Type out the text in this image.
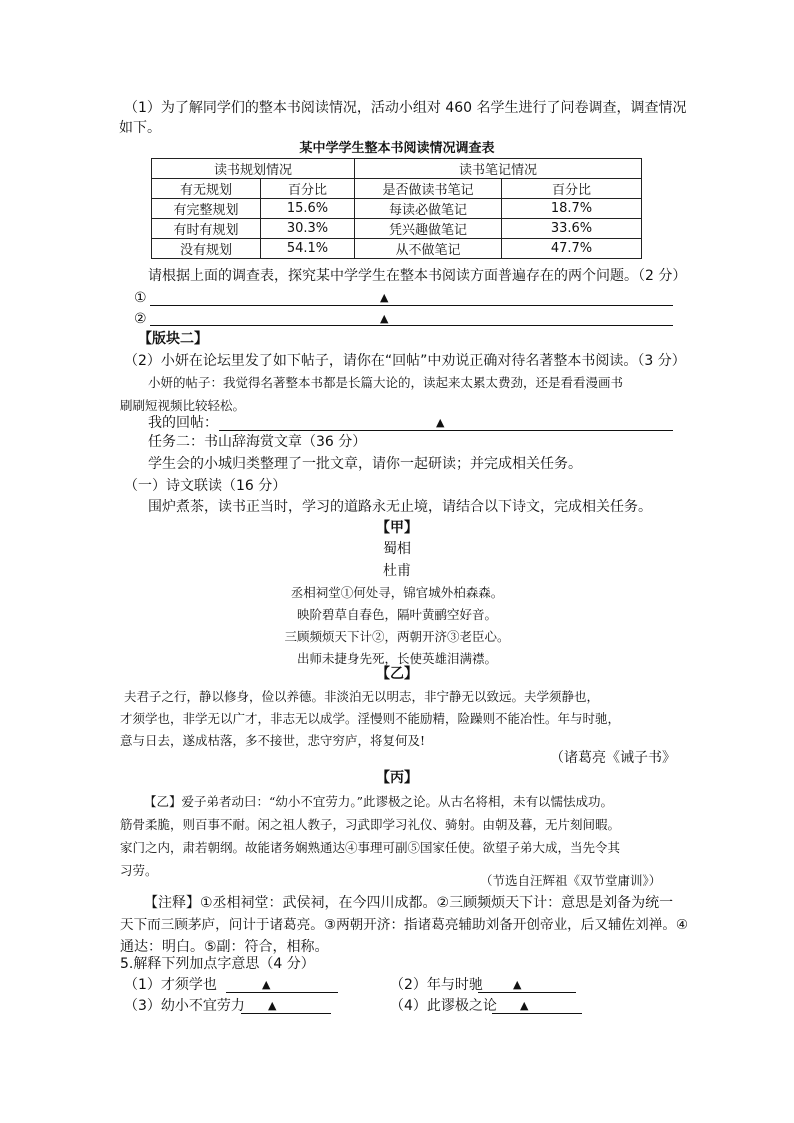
（1）为了解同学们的整本书阅读情况，活动小组对 460 名学生进行了问卷调查，调查情况
如下。
某中学学生整本书阅读情况调查表
读书规划情况		读书笔记情况	
有无规划	百分比	是否做读书笔记	百分比
有完整规划	15.6%	每读必做笔记	18.7%
有时有规划	30.3%	凭兴趣做笔记	33.6%
没有规划	54.1%	从不做笔记	47.7%
请根据上面的调查表，探究某中学学生在整本书阅读方面普遍存在的两个问题。（2 分）
①	▲
②	▲
【版块二】
（2）小妍在论坛里发了如下帖子，请你在“回帖”中劝说正确对待名著整本书阅读。（3 分）
小妍的帖子：我觉得名著整本书都是长篇大论的，读起来太累太费劲，还是看看漫画书
刷刷短视频比较轻松。
我的回帖：	▲
任务二：书山辞海赏文章（36 分）
学生会的小城归类整理了一批文章，请你一起研读；并完成相关任务。
（一）诗文联读（16 分）
围炉煮茶，读书正当时，学习的道路永无止境，请结合以下诗文，完成相关任务。
【甲】
蜀相
杜甫
丞相祠堂①何处寻，锦官城外柏森森。
映阶碧草自春色，隔叶黄鹂空好音。
三顾频烦天下计②，两朝开济③老臣心。
出师未捷身先死，长使英雄泪满襟。
【乙】
夫君子之行，静以修身，俭以养德。非淡泊无以明志，非宁静无以致远。夫学须静也，
才须学也，非学无以广才，非志无以成学。淫慢则不能励精，险躁则不能冶性。年与时驰，
意与日去，遂成枯落，多不接世，悲守穷庐，将复何及!
（诸葛亮《诫子书》
【丙】
【乙】爱子弟者动曰：“幼小不宜劳力。”此谬极之论。从古名将相，未有以懦怯成功。
筋骨柔脆，则百事不耐。闲之祖人教子，习武即学习礼仪、骑射。由朝及暮，无片刻间暇。
家门之内，肃若朝纲。故能诸务娴熟通达④事理可副⑤国家任使。欲望子弟大成，当先令其
习劳。
（节选自汪辉祖《双节堂庸训》）
【注释】①丞相祠堂：武侯祠，在今四川成都。②三顾频烦天下计：意思是刘备为统一
天下而三顾茅庐，问计于诸葛亮。③两朝开济：指诸葛亮辅助刘备开创帝业，后又辅佐刘禅。④
通达：明白。⑤副：符合，相称。
5.解释下列加点字意思（4 分）
（1）才须学也	▲	（2）年与时驰	▲
（3）幼小不宜劳力 ▲	（4）此谬极之论 ▲
